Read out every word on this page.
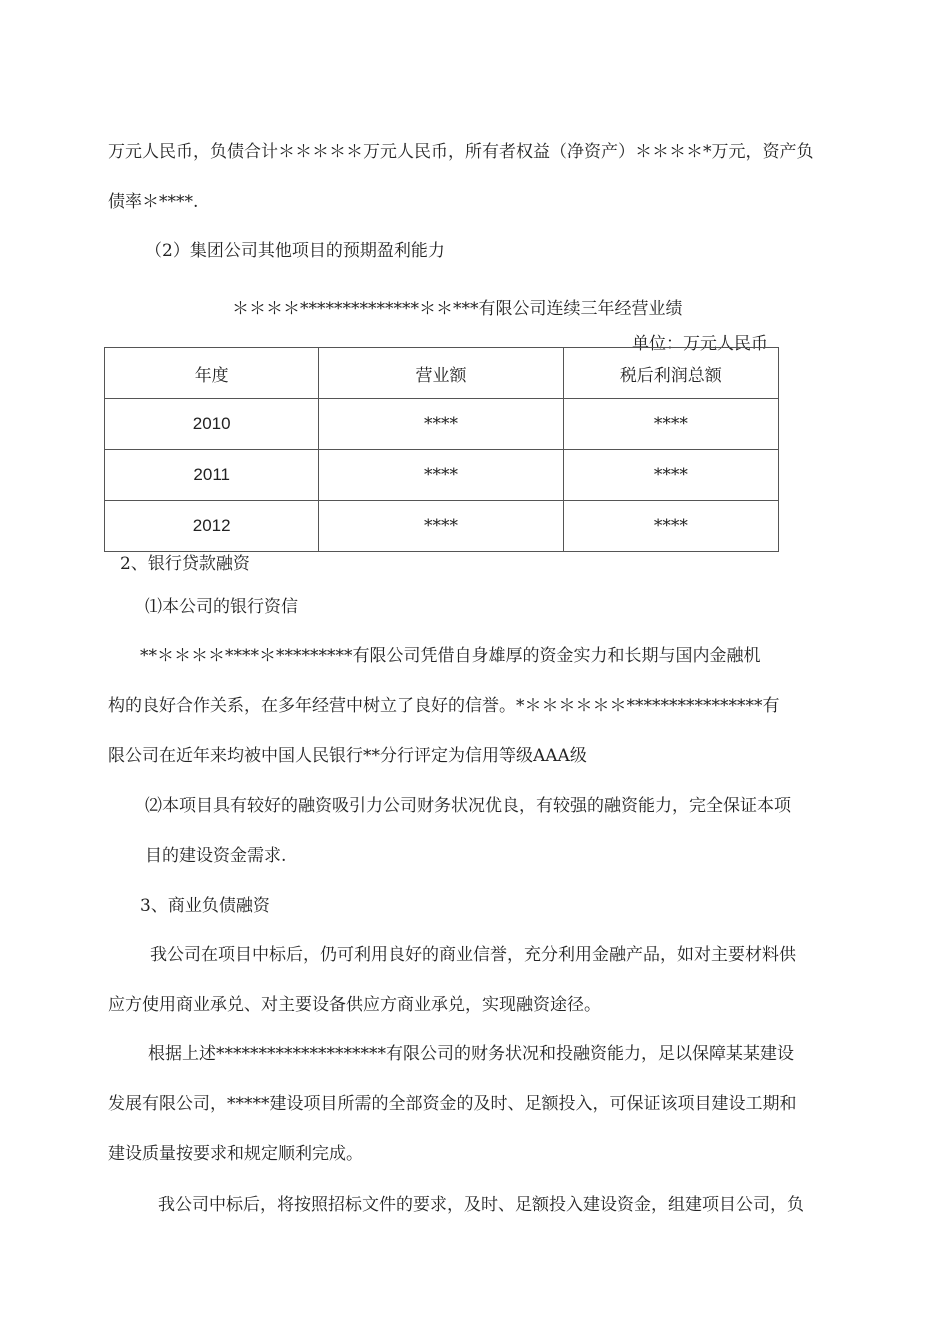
万元人民币，负债合计＊＊＊＊＊万元人民币，所有者权益（净资产）＊＊＊＊*万元，资产负
债率＊****.
（2）集团公司其他项目的预期盈利能力
＊＊＊＊**************＊＊***有限公司连续三年经营业绩
单位：万元人民币
年度	营业额	税后利润总额
2010	****	****
2011	****	****
2012	****	****
2、银行贷款融资
⑴本公司的银行资信
**＊＊＊＊****＊*********有限公司凭借自身雄厚的资金实力和长期与国内金融机
构的良好合作关系，在多年经营中树立了良好的信誉。*＊＊＊＊＊＊****************有
限公司在近年来均被中国人民银行**分行评定为信用等级AAA级
⑵本项目具有较好的融资吸引力公司财务状况优良，有较强的融资能力，完全保证本项
目的建设资金需求.
3、商业负债融资
我公司在项目中标后，仍可利用良好的商业信誉，充分利用金融产品，如对主要材料供
应方使用商业承兑、对主要设备供应方商业承兑，实现融资途径。
根据上述********************有限公司的财务状况和投融资能力，足以保障某某建设
发展有限公司，*****建设项目所需的全部资金的及时、足额投入，可保证该项目建设工期和
建设质量按要求和规定顺利完成。
我公司中标后，将按照招标文件的要求，及时、足额投入建设资金，组建项目公司，负
